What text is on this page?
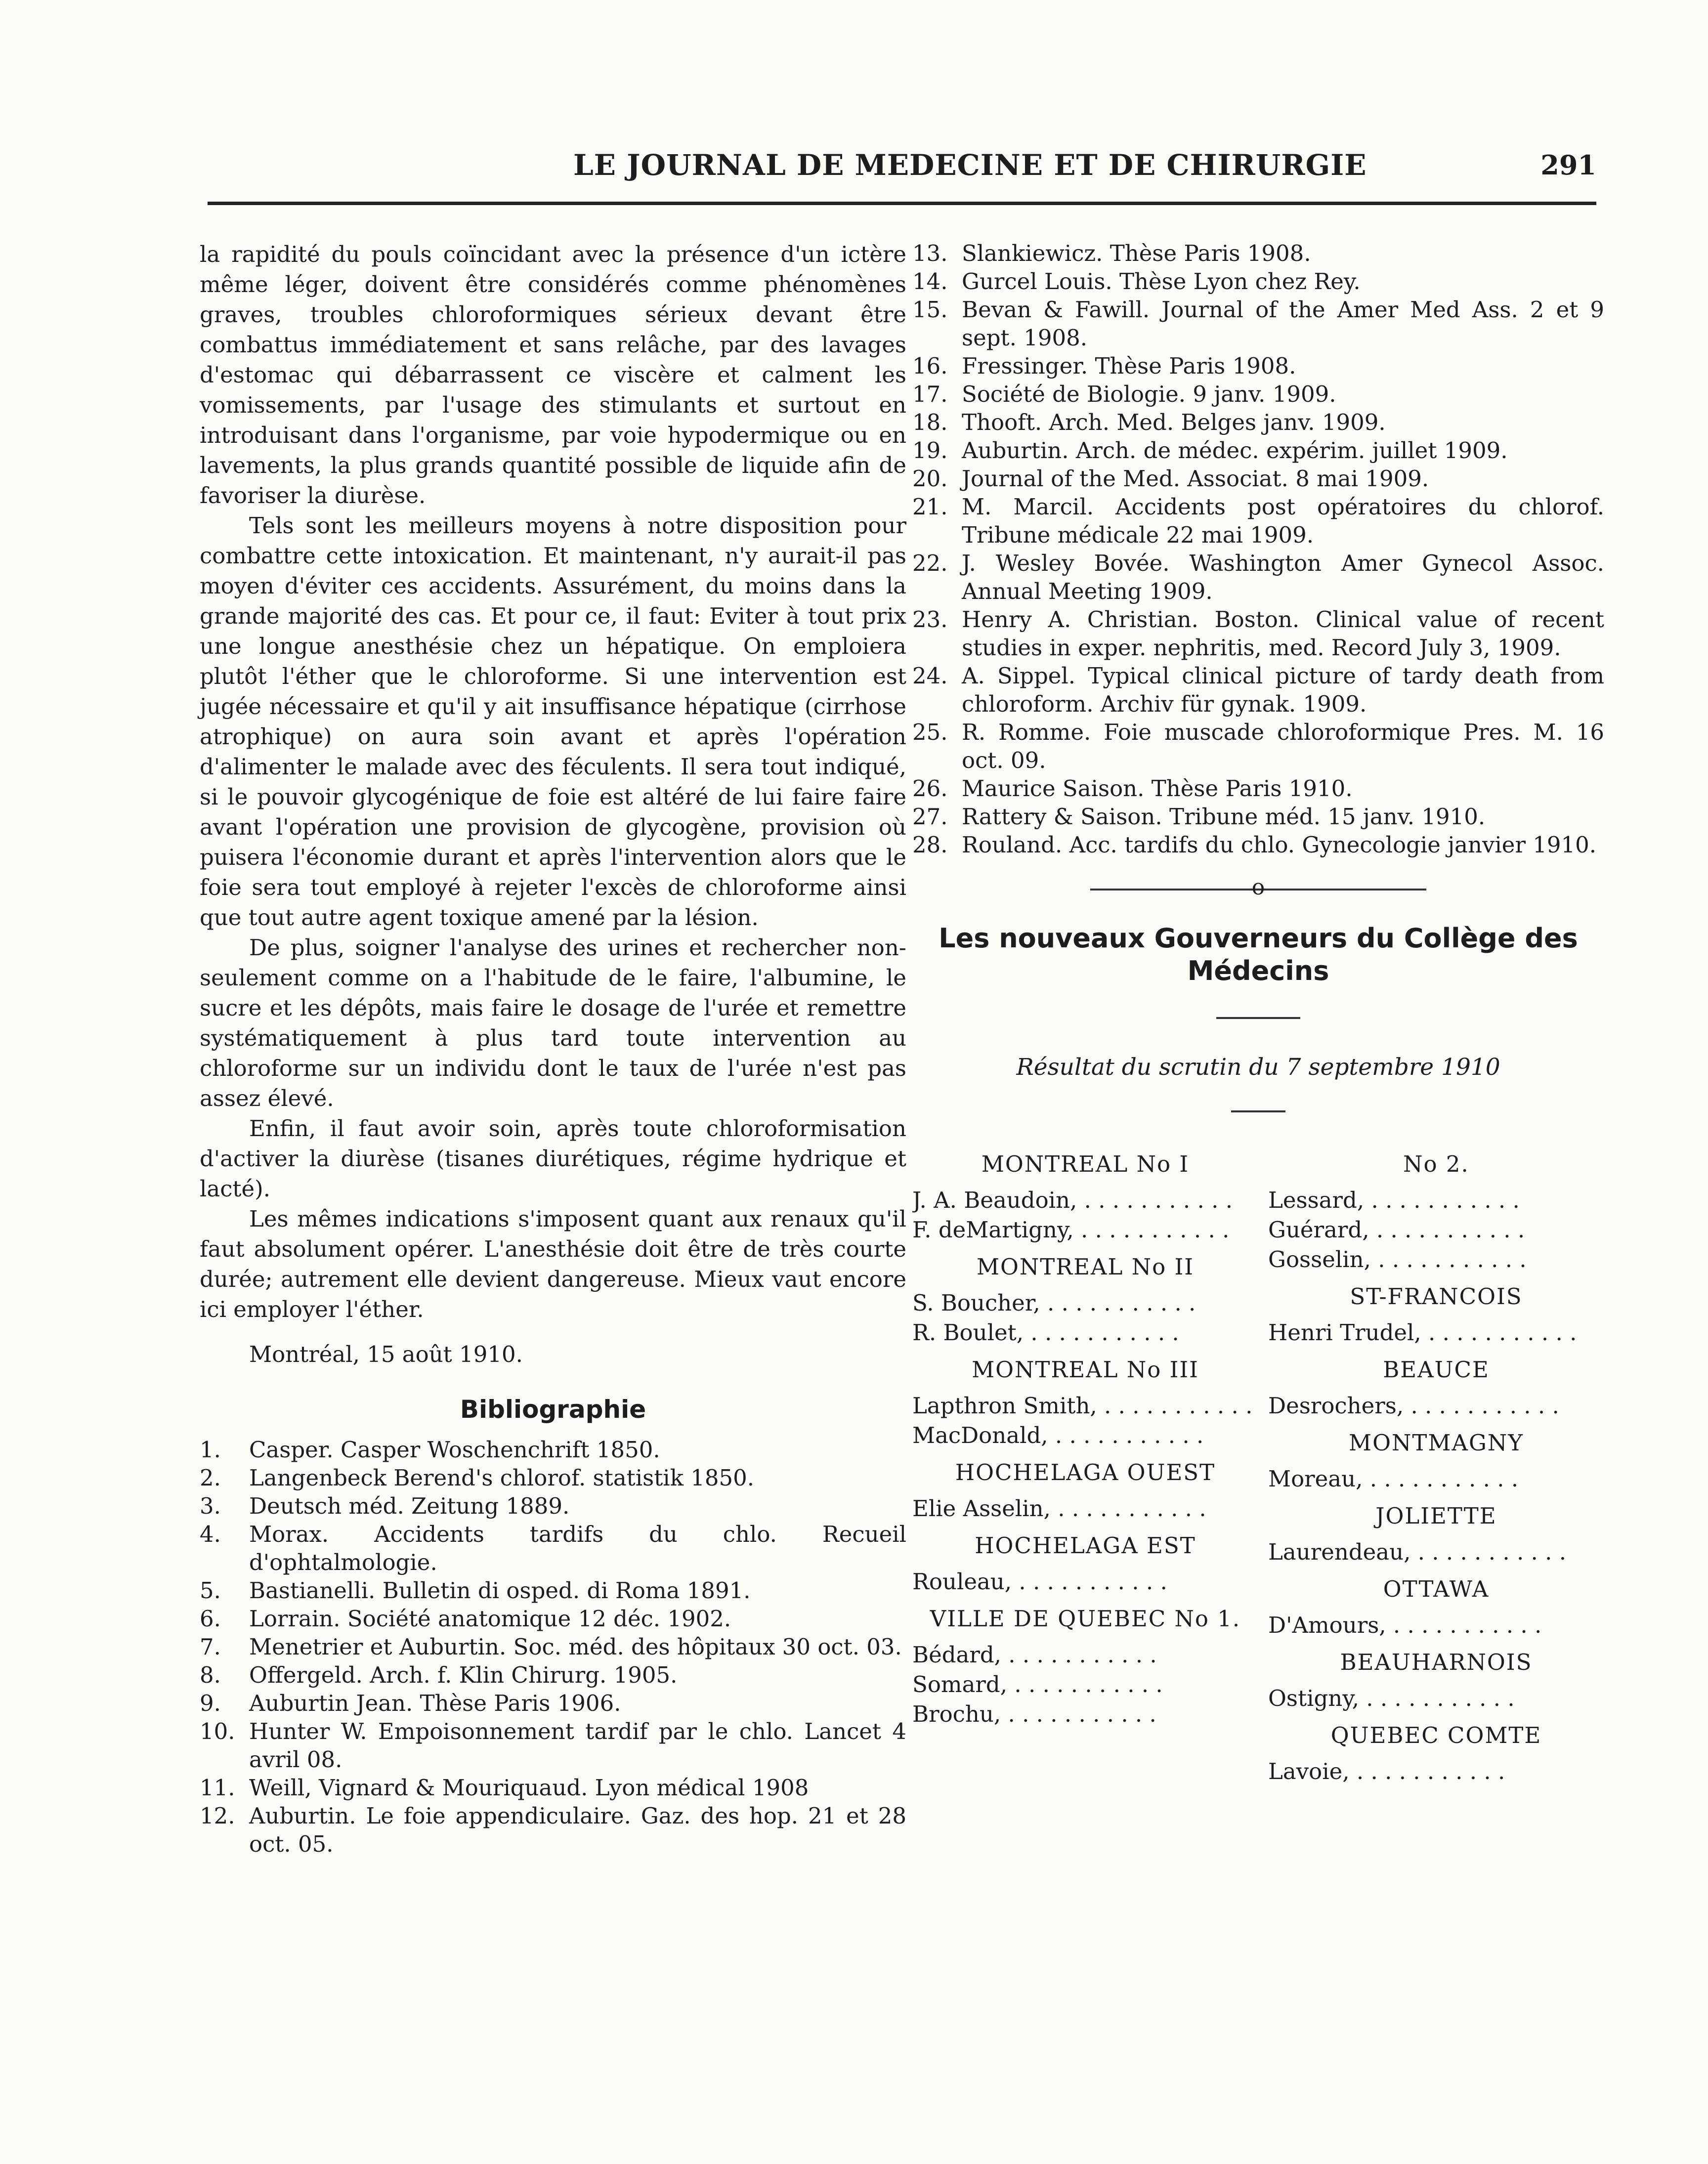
LE JOURNAL DE MEDECINE ET DE CHIRURGIE	291

la rapidité du pouls coïncidant avec la présence d'un ictère même léger, doivent être considérés comme phénomènes graves, troubles chloroformiques sérieux devant être combattus immédiatement et sans relâche, par des lavages d'estomac qui débarrassent ce viscère et calment les vomissements, par l'usage des stimulants et surtout en introduisant dans l'organisme, par voie hypodermique ou en lavements, la plus grands quantité possible de liquide afin de favoriser la diurèse.

Tels sont les meilleurs moyens à notre disposition pour combattre cette intoxication. Et maintenant, n'y aurait-il pas moyen d'éviter ces accidents. Assurément, du moins dans la grande majorité des cas. Et pour ce, il faut: Eviter à tout prix une longue anesthésie chez un hépatique. On emploiera plutôt l'éther que le chloroforme. Si une intervention est jugée nécessaire et qu'il y ait insuffisance hépatique (cirrhose atrophique) on aura soin avant et après l'opération d'alimenter le malade avec des féculents. Il sera tout indiqué, si le pouvoir glycogénique de foie est altéré de lui faire faire avant l'opération une provision de glycogène, provision où puisera l'économie durant et après l'intervention alors que le foie sera tout employé à rejeter l'excès de chloroforme ainsi que tout autre agent toxique amené par la lésion.

De plus, soigner l'analyse des urines et rechercher non-seulement comme on a l'habitude de le faire, l'albumine, le sucre et les dépôts, mais faire le dosage de l'urée et remettre systématiquement à plus tard toute intervention au chloroforme sur un individu dont le taux de l'urée n'est pas assez élevé.

Enfin, il faut avoir soin, après toute chloroformisation d'activer la diurèse (tisanes diurétiques, régime hydrique et lacté).

Les mêmes indications s'imposent quant aux renaux qu'il faut absolument opérer. L'anesthésie doit être de très courte durée; autrement elle devient dangereuse. Mieux vaut encore ici employer l'éther.

Montréal, 15 août 1910.

Bibliographie
1.	Casper. Casper Woschenchrift 1850.
2.	Langenbeck Berend's chlorof. statistik 1850.
3.	Deutsch méd. Zeitung 1889.
4.	Morax. Accidents tardifs du chlo. Recueil d'ophtalmologie.
5.	Bastianelli. Bulletin di osped. di Roma 1891.
6.	Lorrain. Société anatomique 12 déc. 1902.
7.	Menetrier et Auburtin. Soc. méd. des hôpitaux 30 oct. 03.
8.	Offergeld. Arch. f. Klin Chirurg. 1905.
9.	Auburtin Jean. Thèse Paris 1906.
10. Hunter W. Empoisonnement tardif par le chlo. Lancet 4 avril 08.
11. Weill, Vignard & Mouriquaud. Lyon médical 1908
12. Auburtin. Le foie appendiculaire. Gaz. des hop. 21 et 28 oct. 05.
13. Slankiewicz. Thèse Paris 1908.
14. Gurcel Louis. Thèse Lyon chez Rey.
15. Bevan & Fawill. Journal of the Amer Med Ass. 2 et 9 sept. 1908.
16. Fressinger. Thèse Paris 1908.
17. Société de Biologie. 9 janv. 1909.
18. Thooft. Arch. Med. Belges janv. 1909.
19. Auburtin. Arch. de médec. expérim. juillet 1909.
20. Journal of the Med. Associat. 8 mai 1909.
21. M. Marcil. Accidents post opératoires du chlorof. Tribune médicale 22 mai 1909.
22. J. Wesley Bovée. Washington Amer Gynecol Assoc. Annual Meeting 1909.
23. Henry A. Christian. Boston. Clinical value of recent studies in exper. nephritis, med. Record July 3, 1909.
24. A. Sippel. Typical clinical picture of tardy death from chloroform. Archiv für gynak. 1909.
25. R. Romme. Foie muscade chloroformique Pres. M. 16 oct. 09.
26. Maurice Saison. Thèse Paris 1910.
27. Rattery & Saison. Tribune méd. 15 janv. 1910.
28. Rouland. Acc. tardifs du chlo. Gynecologie janvier 1910.
o
Les nouveaux Gouverneurs du Collège des Médecins

Résultat du scrutin du 7 septembre 1910

MONTREAL No I
J. A. Beaudoin, . .
F. deMartigny, . .
MONTREAL No II
S. Boucher, . .
R. Boulet, . .
MONTREAL No III
Lapthron Smith, . .
MacDonald, . .
HOCHELAGA OUEST
Elie Asselin, . .
HOCHELAGA EST
Rouleau, . .
VILLE DE QUEBEC No 1.
Bédard, . .
Somard, . .
Brochu, . .
No 2.
Lessard, . .
Guérard, . .
Gosselin, . .
ST-FRANCOIS
Henri Trudel, . .
BEAUCE
Desrochers, . .
MONTMAGNY
Moreau, . .
JOLIETTE
Laurendeau, . .
OTTAWA
D'Amours, . .
BEAUHARNOIS
Ostigny, . .
QUEBEC COMTE
Lavoie, . .
